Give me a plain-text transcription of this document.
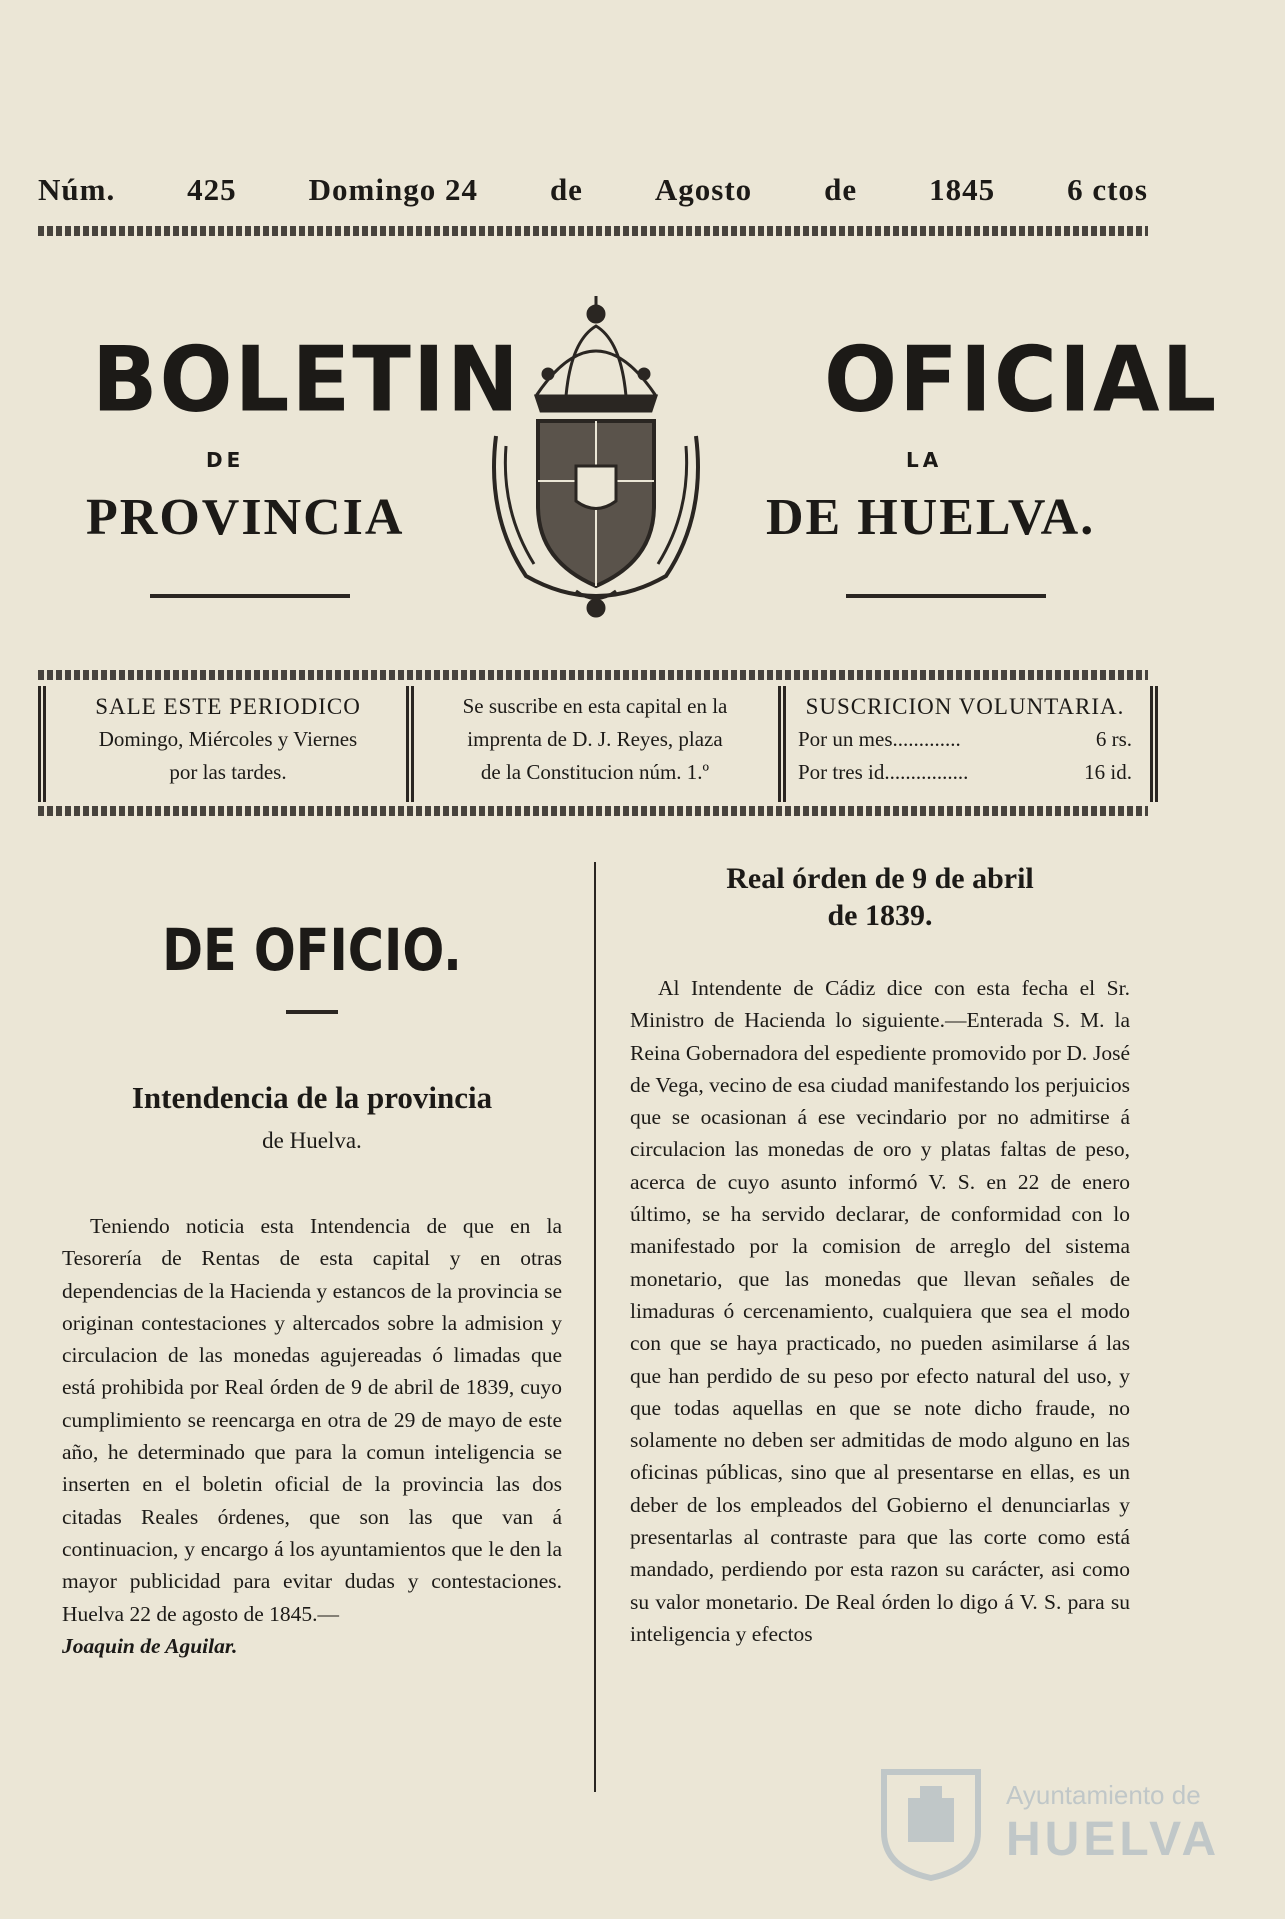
Núm. 425 Domingo 24 de Agosto de 1845 6 ctos
BOLETIN	OFICIAL
DE	LA
PROVINCIA	DE HUELVA.
SALE ESTE PERIODICO
Domingo, Miércoles y Viernes
por las tardes.
Se suscribe en esta capital en la
imprenta de D. J. Reyes, plaza
de la Constitucion núm. 1.º
SUSCRICION VOLUNTARIA.
Por un mes.............	6 rs.
Por tres id................	16 id.
DE OFICIO.
Intendencia de la provincia
de Huelva.

Teniendo noticia esta Intendencia de que en la Tesorería de Rentas de esta capital y en otras dependencias de la Hacienda y estancos de la provincia se originan contestaciones y altercados sobre la admision y circulacion de las monedas agujereadas ó limadas que está prohibida por Real órden de 9 de abril de 1839, cuyo cumplimiento se reencarga en otra de 29 de mayo de este año, he determinado que para la comun inteligencia se inserten en el boletin oficial de la provincia las dos citadas Reales órdenes, que son las que van á continuacion, y encargo á los ayuntamientos que le den la mayor publicidad para evitar dudas y contestaciones. Huelva 22 de agosto de 1845.—
Joaquin de Aguilar.

Real órden de 9 de abril
de 1839.

Al Intendente de Cádiz dice con esta fecha el Sr. Ministro de Hacienda lo siguiente.—Enterada S. M. la Reina Gobernadora del espediente promovido por D. José de Vega, vecino de esa ciudad manifestando los perjuicios que se ocasionan á ese vecindario por no admitirse á circulacion las monedas de oro y platas faltas de peso, acerca de cuyo asunto informó V. S. en 22 de enero último, se ha servido declarar, de conformidad con lo manifestado por la comision de arreglo del sistema monetario, que las monedas que llevan señales de limaduras ó cercenamiento, cualquiera que sea el modo con que se haya practicado, no pueden asimilarse á las que han perdido de su peso por efecto natural del uso, y que todas aquellas en que se note dicho fraude, no solamente no deben ser admitidas de modo alguno en las oficinas públicas, sino que al presentarse en ellas, es un deber de los empleados del Gobierno el denunciarlas y presentarlas al contraste para que las corte como está mandado, perdiendo por esta razon su carácter, asi como su valor monetario. De Real órden lo digo á V. S. para su inteligencia y efectos

Ayuntamiento de
HUELVA
